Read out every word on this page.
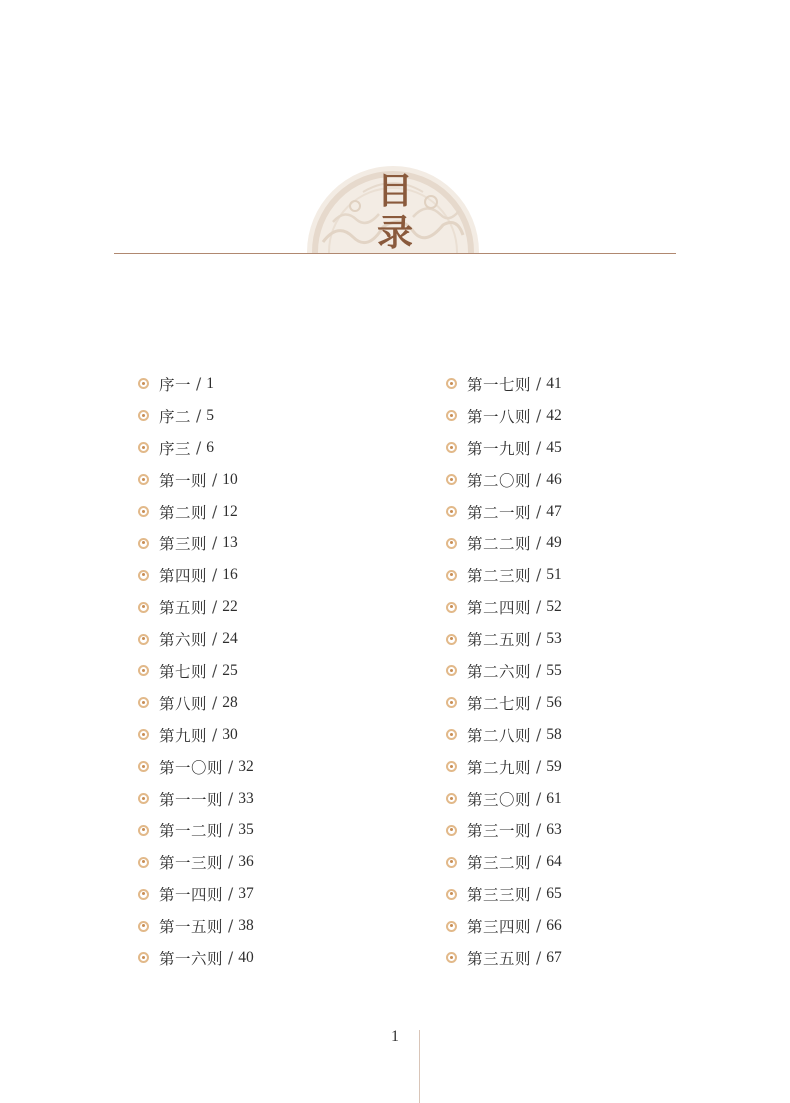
目
录
序一 / 1
序二 / 5
序三 / 6
第一则 / 10
第二则 / 12
第三则 / 13
第四则 / 16
第五则 / 22
第六则 / 24
第七则 / 25
第八则 / 28
第九则 / 30
第一〇则 / 32
第一一则 / 33
第一二则 / 35
第一三则 / 36
第一四则 / 37
第一五则 / 38
第一六则 / 40
第一七则 / 41
第一八则 / 42
第一九则 / 45
第二〇则 / 46
第二一则 / 47
第二二则 / 49
第二三则 / 51
第二四则 / 52
第二五则 / 53
第二六则 / 55
第二七则 / 56
第二八则 / 58
第二九则 / 59
第三〇则 / 61
第三一则 / 63
第三二则 / 64
第三三则 / 65
第三四则 / 66
第三五则 / 67
1
